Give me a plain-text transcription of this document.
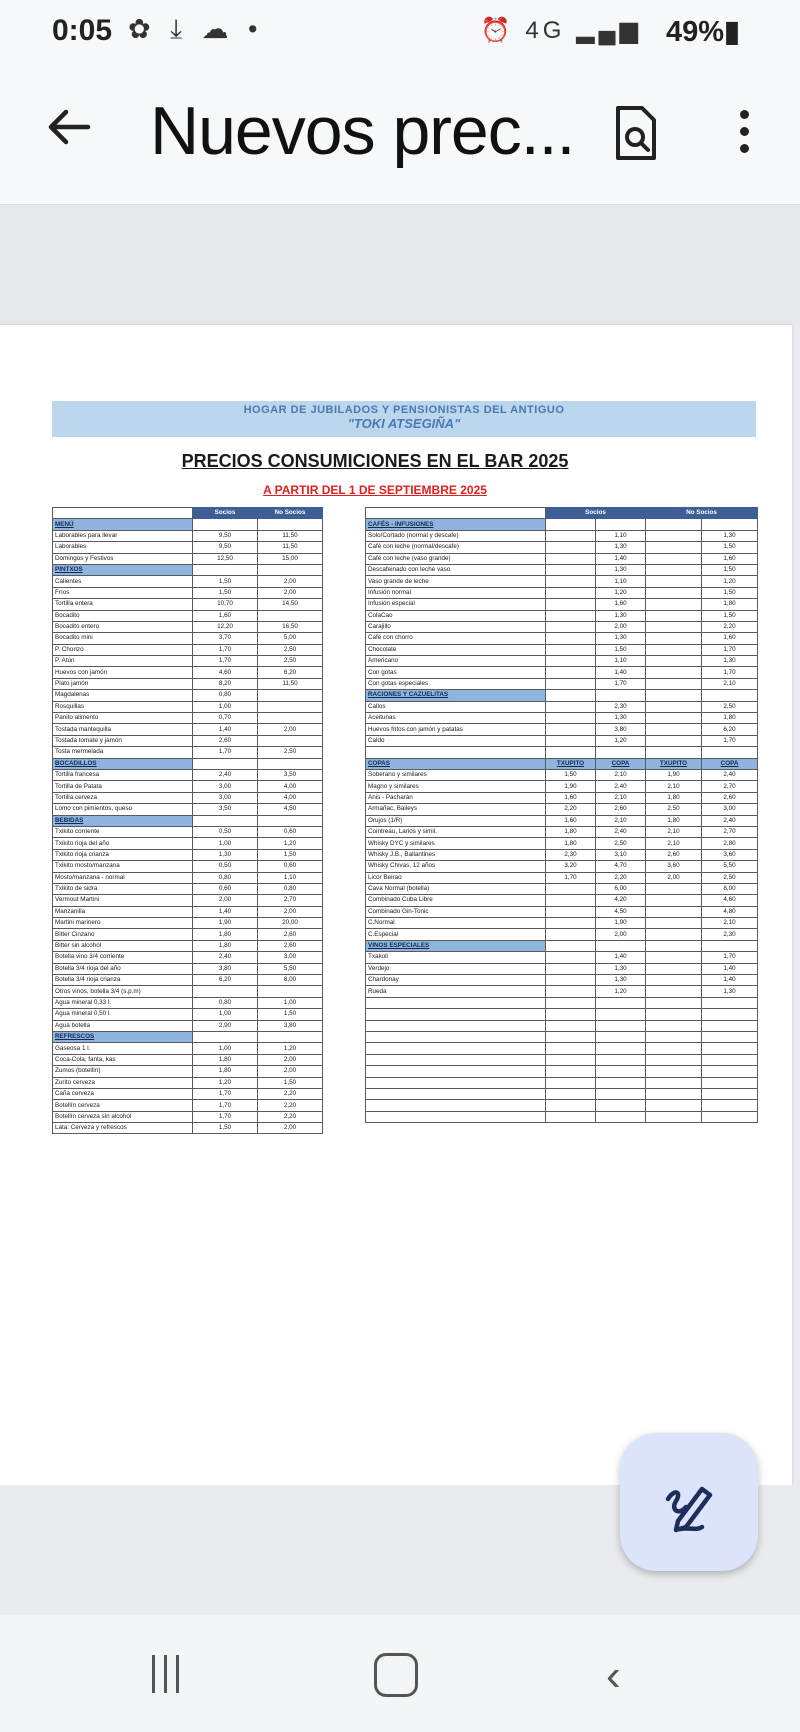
0:05 ✿ ⤓ ☁ •	⏰ 4G ▂▄▆ 49%▮
Nuevos prec...
HOGAR DE JUBILADOS Y PENSIONISTAS DEL ANTIGUO
"TOKI ATSEGIÑA"
PRECIOS CONSUMICIONES EN EL BAR 2025
A PARTIR DEL 1 DE SEPTIEMBRE 2025
	Socios	No Socios
MENÚ		
Laborables para llevar	9,50	11,50
Laborables	9,50	11,50
Domingos y Festivos	12,50	15,00
PINTXOS		
Calientes	1,50	2,00
Fríos	1,50	2,00
Tortilla entera	10,70	14,50
Bocadito	1,60	
Bocadito entero	12,20	16,50
Bocadito mini	3,70	5,00
P. Chorizo	1,70	2,50
P. Atún	1,70	2,50
Huevos con jamón	4,60	6,20
Plato jamón	8,20	11,50
Magdalenas	0,80	
Rosquillas	1,00	
Panito alimento	0,70	
Tostada mantequilla	1,40	2,00
Tostada tomate y jamón	2,60	
Tosta mermelada	1,70	2,50
BOCADILLOS		
Tortilla francesa	2,40	3,50
Tortilla de Patata	3,00	4,00
Tortilla cerveza	3,00	4,00
Lomo con pimientos, queso	3,50	4,50
BEBIDAS		
Txikito corriente	0,50	0,60
Txikito rioja del año	1,00	1,20
Txikito rioja crianza	1,30	1,50
Txikito mosto/manzana	0,50	0,60
Mosto/manzana - normal	0,80	1,10
Txikito de sidra	0,60	0,80
Vermout Martini	2,00	2,70
Manzanilla	1,40	2,00
Martini marinero	1,90	20,00
Bitter Cinzano	1,80	2,60
Bitter sin alcohol	1,80	2,60
Botella vino 3/4 corriente	2,40	3,00
Botella 3/4 rioja del año	3,80	5,50
Botella 3/4 rioja crianza	6,20	8,00
Otros vinos, botella 3/4 (s.p.m)		
Agua mineral 0,33 l.	0,80	1,00
Agua mineral 0,50 l.	1,00	1,50
Agua botella	2,90	3,80
REFRESCOS		
Gaseosa 1 l.	1,00	1,20
Coca-Cola, fanta, kas	1,80	2,00
Zumos (botellín)	1,80	2,00
Zurito cerveza	1,20	1,50
Caña cerveza	1,70	2,20
Botellín cerveza	1,70	2,20
Botellín cerveza sin alcohol	1,70	2,20
Lata: Cerveza y refrescos	1,50	2,00
	Socios		No Socios	
CAFÉS - INFUSIONES				
Solo/Cortado (normal y descafe)		1,10		1,30
Café con leche (normal/descafe)		1,30		1,50
Café con leche (vaso grande)		1,40		1,60
Descafeinado con leche vaso		1,30		1,50
Vaso grande de leche		1,10		1,20
Infusión normal		1,20		1,50
Infusión especial		1,60		1,80
ColaCao		1,30		1,50
Carajillo		2,00		2,20
Café con chorro		1,30		1,60
Chocolate		1,50		1,70
Americano		1,10		1,30
Con gotas		1,40		1,70
Con gotas especiales		1,70		2,10
RACIONES Y CAZUELITAS				
Callos		2,30		2,50
Aceitunas		1,30		1,80
Huevos fritos con jamón y patatas		3,80		6,20
Caldo		1,20		1,70

COPAS	TXUPITO	COPA	TXUPITO	COPA
Soberano y similares	1,50	2,10	1,90	2,40
Magno y similares	1,90	2,40	2,10	2,70
Anis - Pacharán	1,60	2,10	1,80	2,60
Armañac, Baileys	2,20	2,60	2,50	3,00
Orujos (1/R)	1,60	2,10	1,80	2,40
Cointreau, Larios y simil.	1,80	2,40	2,10	2,70
Whisky DYC y similares	1,80	2,50	2,10	2,80
Whisky J.B., Ballantines	2,30	3,10	2,60	3,60
Whisky Chivas, 12 años	3,20	4,70	3,60	5,50
Licor Beirao	1,70	2,20	2,00	2,50
Cava Normal (botella)		6,00		8,00
Combinado Cuba Libre		4,20		4,60
Combinado Gin-Tonic		4,50		4,80
C.Normal		1,90		2,10
C.Especial		2,00		2,30
VINOS ESPECIALES				
Txakoli		1,40		1,70
Verdejo		1,30		1,40
Chardonay		1,30		1,40
Rueda		1,20		1,30

‹
